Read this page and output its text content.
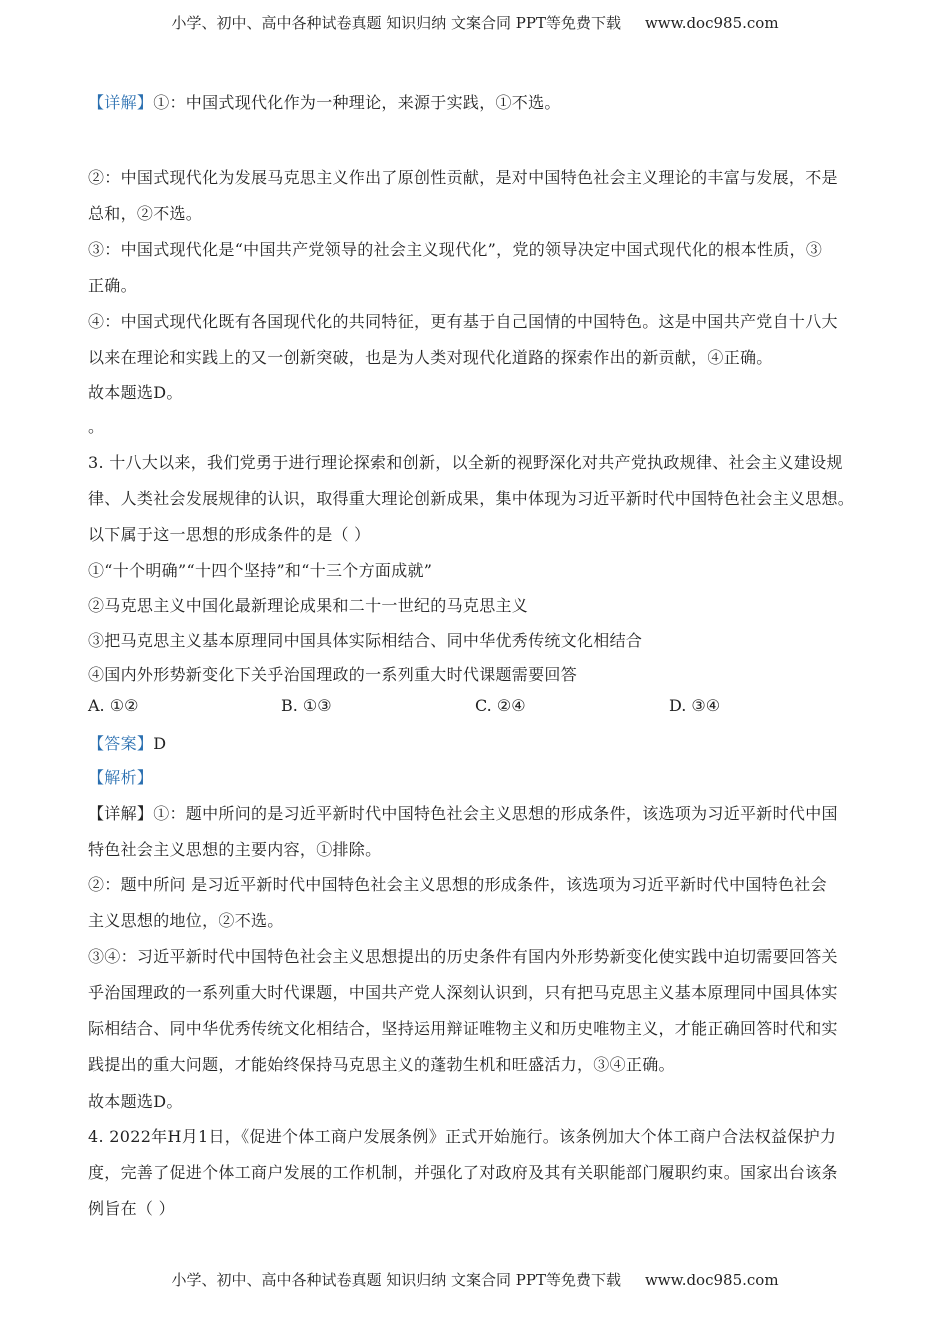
小学、初中、高中各种试卷真题 知识归纳 文案合同 PPT等免费下载 www.doc985.com
【详解】①：中国式现代化作为一种理论，来源于实践，①不选。
②：中国式现代化为发展马克思主义作出了原创性贡献，是对中国特色社会主义理论的丰富与发展，不是
总和，②不选。
③：中国式现代化是“中国共产党领导的社会主义现代化”，党的领导决定中国式现代化的根本性质，③
正确。
④：中国式现代化既有各国现代化的共同特征，更有基于自己国情的中国特色。这是中国共产党自十八大
以来在理论和实践上的又一创新突破，也是为人类对现代化道路的探索作出的新贡献，④正确。
故本题选D。
。
3. 十八大以来，我们党勇于进行理论探索和创新，以全新的视野深化对共产党执政规律、社会主义建设规
律、人类社会发展规律的认识，取得重大理论创新成果，集中体现为习近平新时代中国特色社会主义思想。
以下属于这一思想的形成条件的是（ ）
①“十个明确”“十四个坚持”和“十三个方面成就”
②马克思主义中国化最新理论成果和二十一世纪的马克思主义
③把马克思主义基本原理同中国具体实际相结合、同中华优秀传统文化相结合
④国内外形势新变化下关乎治国理政的一系列重大时代课题需要回答
A. ①②	B. ①③	C. ②④	D. ③④
【答案】D
【解析】
【详解】①：题中所问的是习近平新时代中国特色社会主义思想的形成条件，该选项为习近平新时代中国
特色社会主义思想的主要内容，①排除。
②：题中所问 是习近平新时代中国特色社会主义思想的形成条件，该选项为习近平新时代中国特色社会
主义思想的地位，②不选。
③④：习近平新时代中国特色社会主义思想提出的历史条件有国内外形势新变化使实践中迫切需要回答关
乎治国理政的一系列重大时代课题，中国共产党人深刻认识到，只有把马克思主义基本原理同中国具体实
际相结合、同中华优秀传统文化相结合，坚持运用辩证唯物主义和历史唯物主义，才能正确回答时代和实
践提出的重大问题，才能始终保持马克思主义的蓬勃生机和旺盛活力，③④正确。
故本题选D。
4. 2022年H月1日，《促进个体工商户发展条例》正式开始施行。该条例加大个体工商户合法权益保护力
度，完善了促进个体工商户发展的工作机制，并强化了对政府及其有关职能部门履职约束。国家出台该条
例旨在（ ）
小学、初中、高中各种试卷真题 知识归纳 文案合同 PPT等免费下载 www.doc985.com
